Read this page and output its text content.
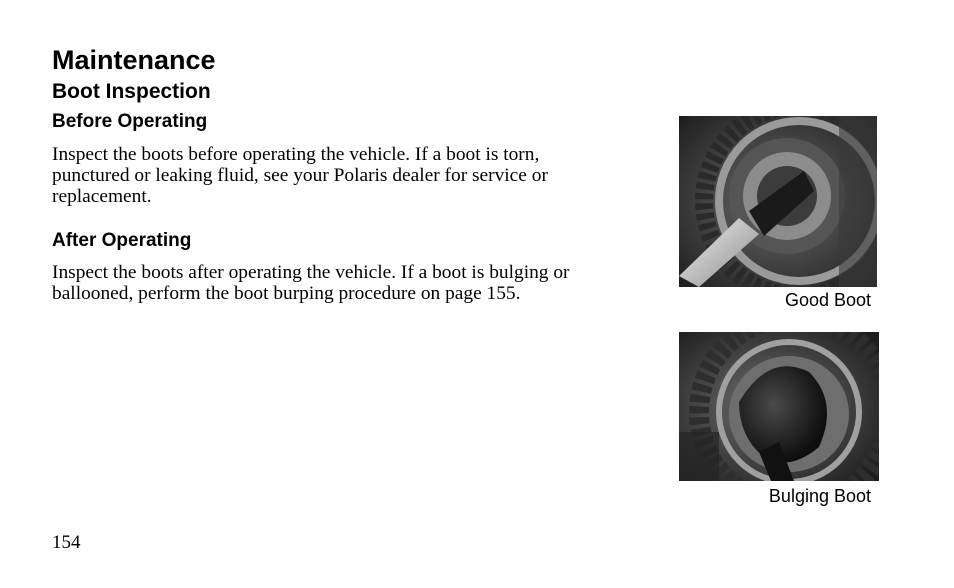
Maintenance
Boot Inspection
Before Operating

Inspect the boots before operating the vehicle. If a boot is torn, punctured or leaking fluid, see your Polaris dealer for service or replacement.

After Operating

Inspect the boots after operating the vehicle. If a boot is bulging or ballooned, perform the boot burping procedure on page 155.	Good Boot
Bulging Boot
154
